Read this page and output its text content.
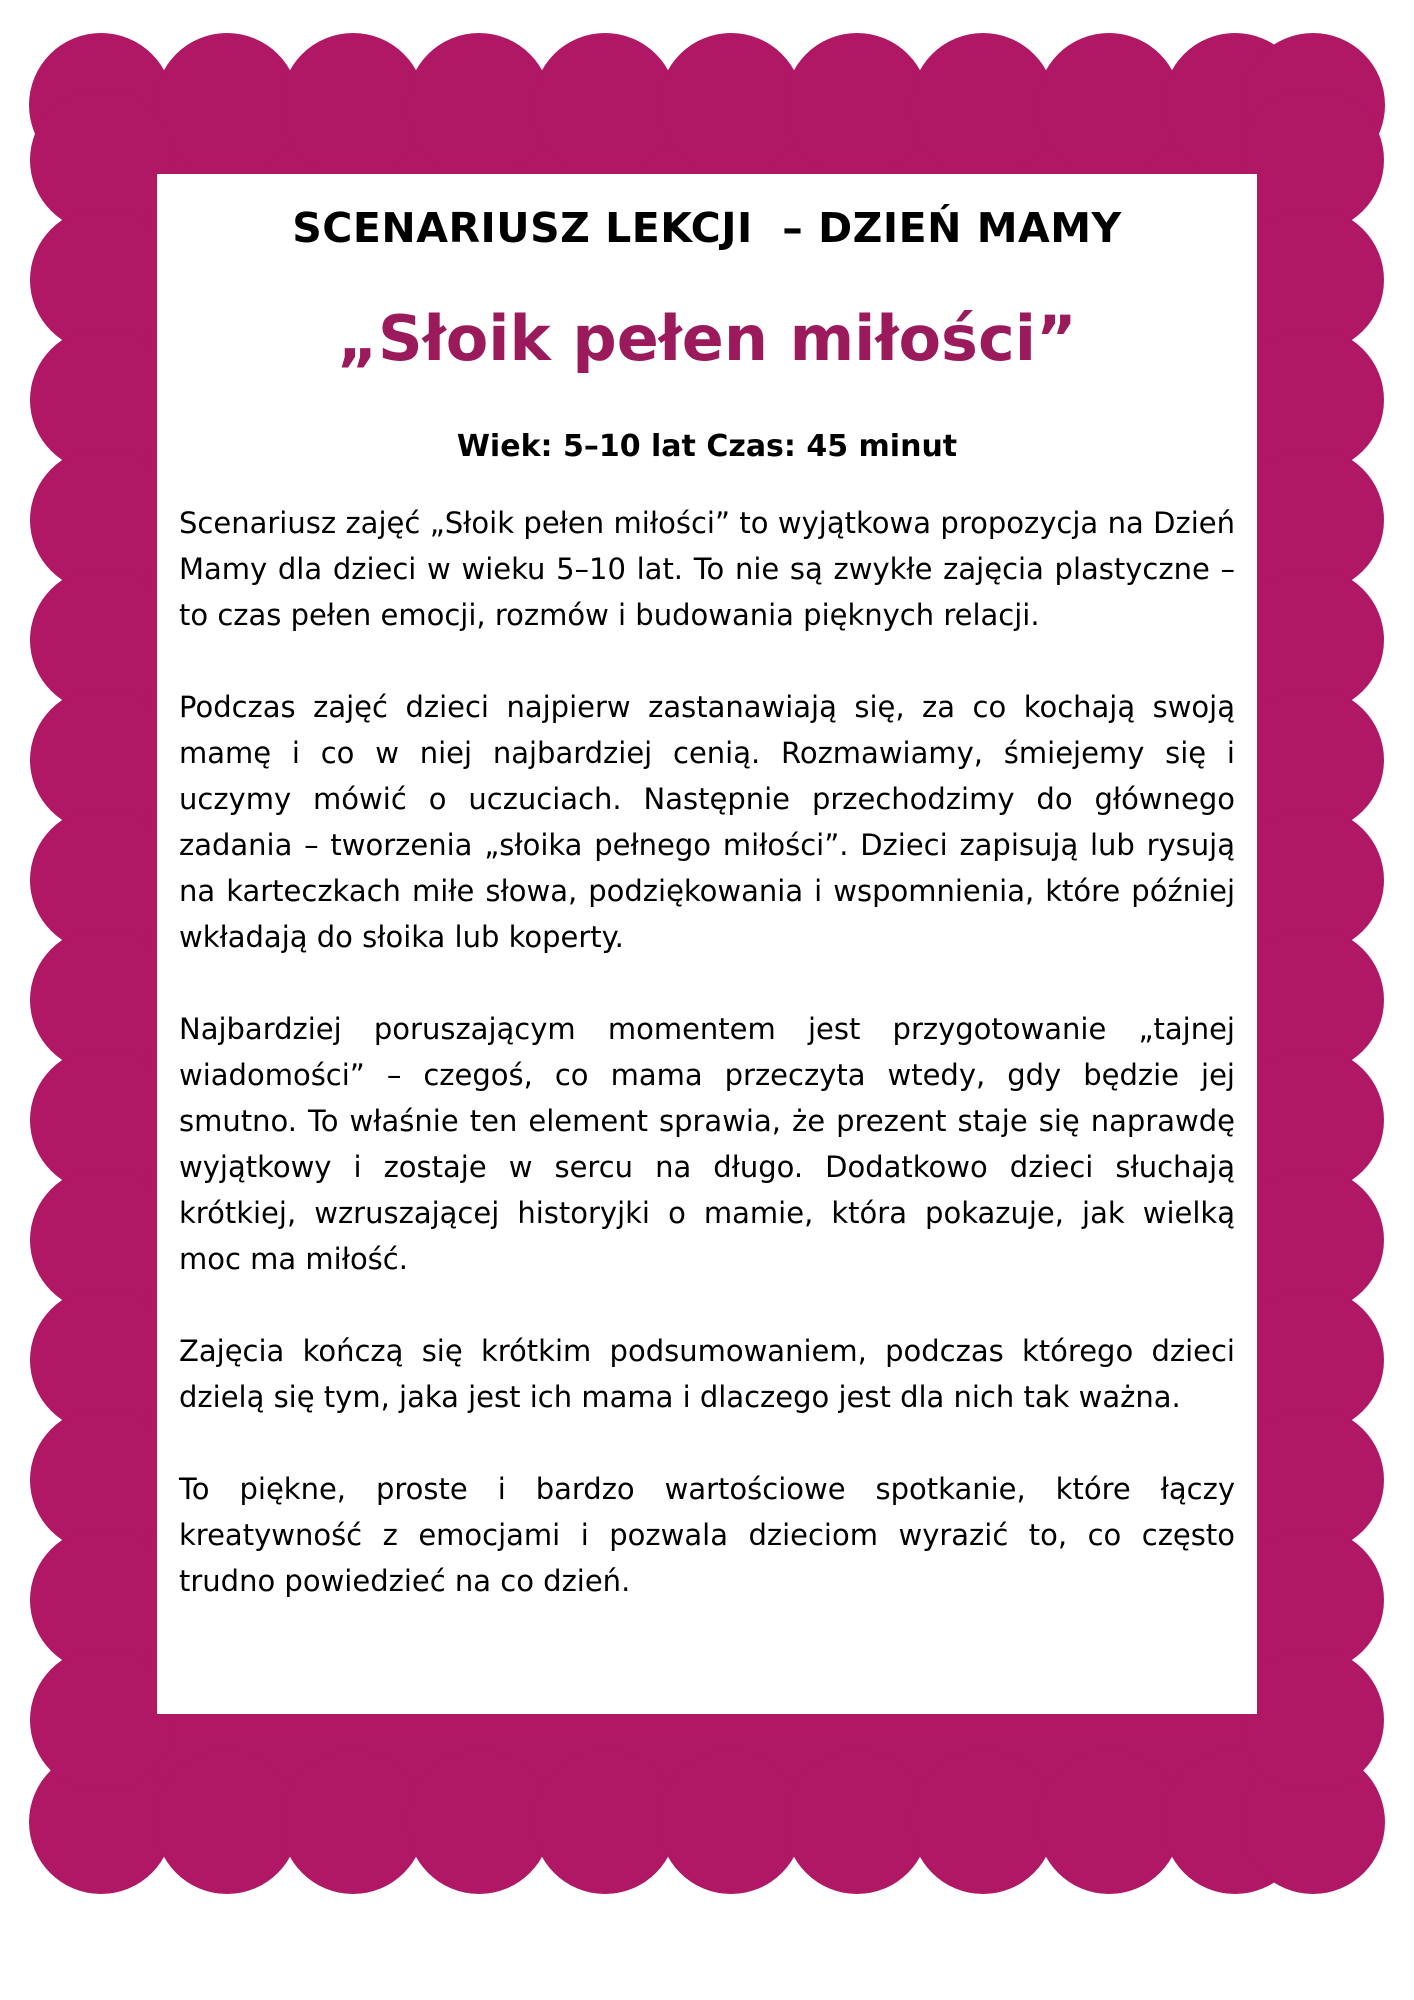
SCENARIUSZ LEKCJI  – DZIEŃ MAMY
„Słoik pełen miłości”

Wiek: 5–10 lat Czas: 45 minut

Scenariusz zajęć „Słoik pełen miłości” to wyjątkowa propozycja na Dzień Mamy dla dzieci w wieku 5–10 lat. To nie są zwykłe zajęcia plastyczne – to czas pełen emocji, rozmów i budowania pięknych relacji.

Podczas zajęć dzieci najpierw zastanawiają się, za co kochają swoją mamę i co w niej najbardziej cenią. Rozmawiamy, śmiejemy się i uczymy mówić o uczuciach. Następnie przechodzimy do głównego zadania – tworzenia „słoika pełnego miłości”. Dzieci zapisują lub rysują na karteczkach miłe słowa, podziękowania i wspomnienia, które później wkładają do słoika lub koperty.

Najbardziej poruszającym momentem jest przygotowanie „tajnej wiadomości” – czegoś, co mama przeczyta wtedy, gdy będzie jej smutno. To właśnie ten element sprawia, że prezent staje się naprawdę wyjątkowy i zostaje w sercu na długo. Dodatkowo dzieci słuchają krótkiej, wzruszającej historyjki o mamie, która pokazuje, jak wielką moc ma miłość.

Zajęcia kończą się krótkim podsumowaniem, podczas którego dzieci dzielą się tym, jaka jest ich mama i dlaczego jest dla nich tak ważna.

To piękne, proste i bardzo wartościowe spotkanie, które łączy kreatywność z emocjami i pozwala dzieciom wyrazić to, co często trudno powiedzieć na co dzień.
